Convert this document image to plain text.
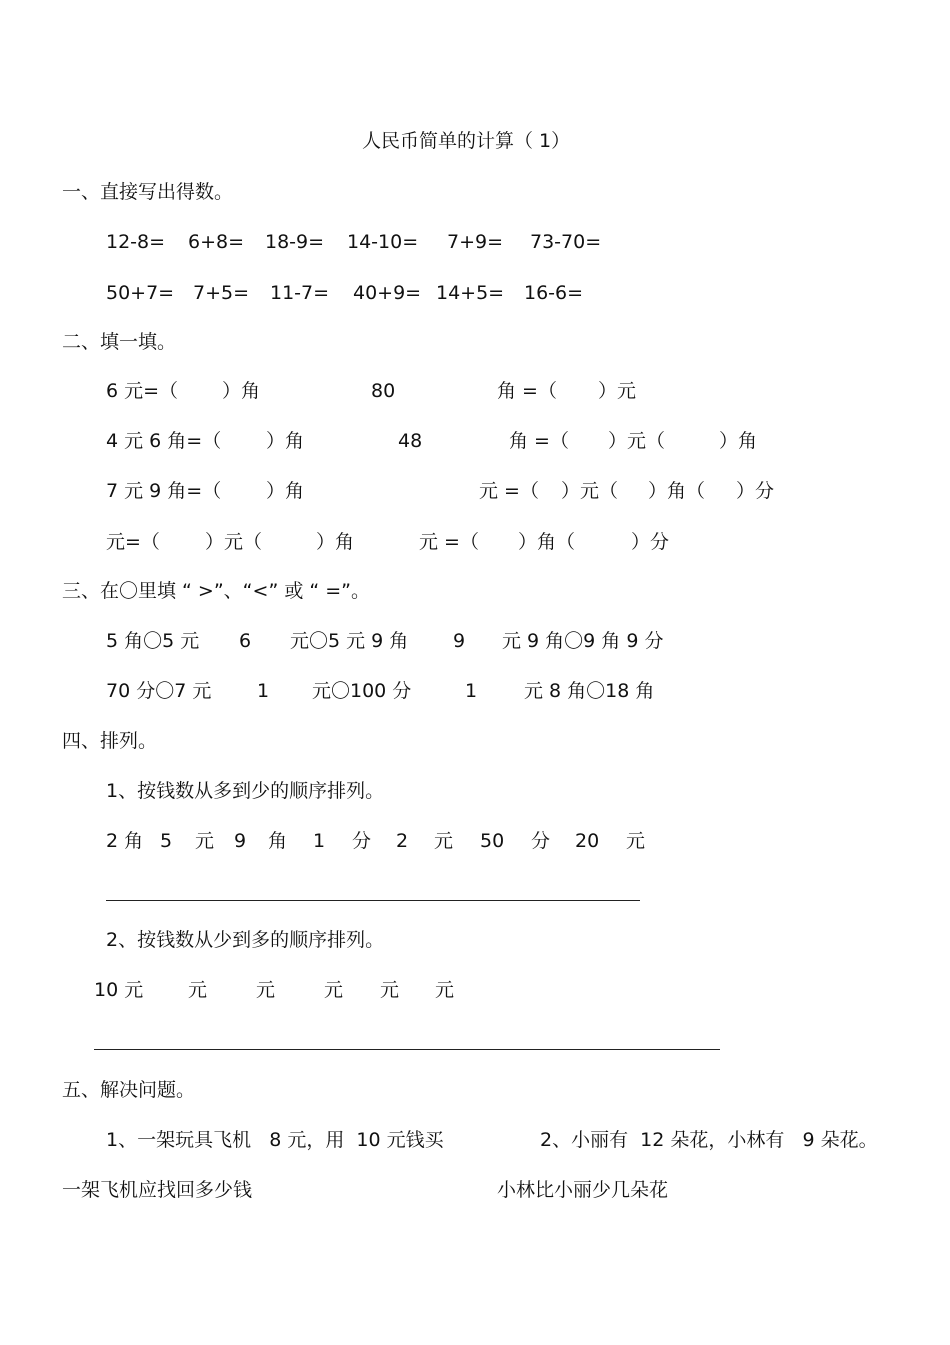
人民币简单的计算（ 1）
一、直接写出得数。
12-8= 6+8= 18-9= 14-10= 7+9= 73-70=
50+7= 7+5= 11-7= 40+9= 14+5= 16-6=
二、填一填。
6 元=（ ）角	80	角 =（ ）元
4 元 6 角=（ ）角	48	角 =（ ）元（	）角
7 元 9 角=（ ）角	元 =（ ）元（ ）角（ ）分
元=（ ）元（	）角	元 =（ ）角（	）分
三、在〇里填 “ >”、“<” 或 “ =”。
5 角〇5 元 6 元〇5 元 9 角 9 元 9 角〇9 角 9 分
70 分〇7 元 1 元〇100 分	1 元 8 角〇18 角
四、排列。
1、按钱数从多到少的顺序排列。
2 角 5 元 9 角 1 分 2 元 50 分 20 元
2、按钱数从少到多的顺序排列。
10 元 元	元	元 元 元
五、解决问题。
1、一架玩具飞机   8 元，用  10 元钱买
一架飞机应找回多少钱
2、小丽有  12 朵花，小林有   9 朵花。
小林比小丽少几朵花
